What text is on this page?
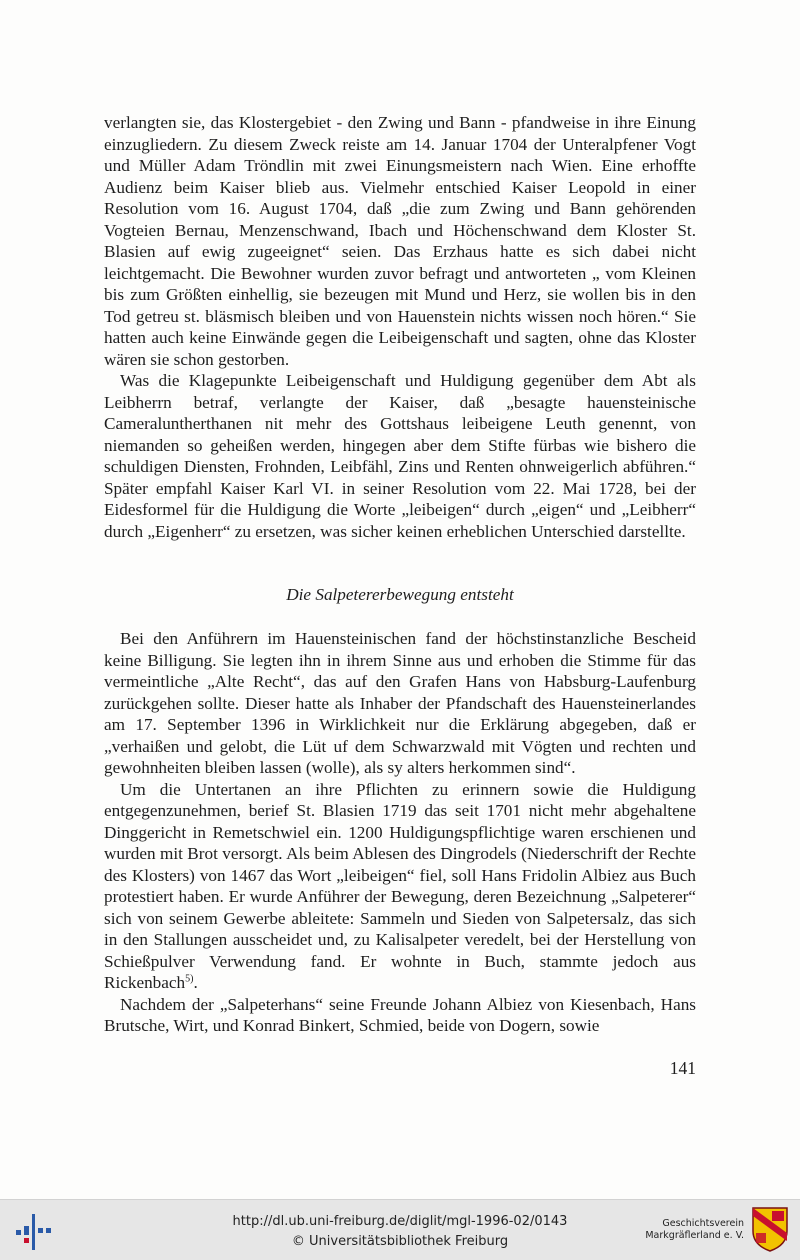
verlangten sie, das Klostergebiet - den Zwing und Bann - pfandweise in ihre Einung einzugliedern. Zu diesem Zweck reiste am 14. Januar 1704 der Unteralpfener Vogt und Müller Adam Tröndlin mit zwei Einungsmeistern nach Wien. Eine erhoffte Audienz beim Kaiser blieb aus. Vielmehr entschied Kaiser Leopold in einer Resolution vom 16. August 1704, daß „die zum Zwing und Bann gehörenden Vogteien Bernau, Menzenschwand, Ibach und Höchenschwand dem Kloster St. Blasien auf ewig zugeeignet“ seien. Das Erzhaus hatte es sich dabei nicht leichtgemacht. Die Bewohner wurden zuvor befragt und antworteten „ vom Kleinen bis zum Größten einhellig, sie bezeugen mit Mund und Herz, sie wollen bis in den Tod getreu st. bläsmisch bleiben und von Hauenstein nichts wissen noch hören.“ Sie hatten auch keine Einwände gegen die Leibeigenschaft und sagten, ohne das Kloster wären sie schon gestorben.

Was die Klagepunkte Leibeigenschaft und Huldigung gegenüber dem Abt als Leibherrn betraf, verlangte der Kaiser, daß „besagte hauensteinische Cameraluntherthanen nit mehr des Gottshaus leibeigene Leuth genennt, von niemanden so geheißen werden, hingegen aber dem Stifte fürbas wie bishero die schuldigen Diensten, Frohnden, Leibfähl, Zins und Renten ohnweigerlich abführen.“ Später empfahl Kaiser Karl VI. in seiner Resolution vom 22. Mai 1728, bei der Eidesformel für die Huldigung die Worte „leibeigen“ durch „eigen“ und „Leibherr“ durch „Eigenherr“ zu ersetzen, was sicher keinen erheblichen Unterschied darstellte.

Die Salpetererbewegung entsteht

Bei den Anführern im Hauensteinischen fand der höchstinstanzliche Bescheid keine Billigung. Sie legten ihn in ihrem Sinne aus und erhoben die Stimme für das vermeintliche „Alte Recht“, das auf den Grafen Hans von Habsburg-Laufenburg zurückgehen sollte. Dieser hatte als Inhaber der Pfandschaft des Hauensteinerlandes am 17. September 1396 in Wirklichkeit nur die Erklärung abgegeben, daß er „verhaißen und gelobt, die Lüt uf dem Schwarzwald mit Vögten und rechten und gewohnheiten bleiben lassen (wolle), als sy alters herkommen sind“.

Um die Untertanen an ihre Pflichten zu erinnern sowie die Huldigung entgegenzunehmen, berief St. Blasien 1719 das seit 1701 nicht mehr abgehaltene Dinggericht in Remetschwiel ein. 1200 Huldigungspflichtige waren erschienen und wurden mit Brot versorgt. Als beim Ablesen des Dingrodels (Niederschrift der Rechte des Klosters) von 1467 das Wort „leibeigen“ fiel, soll Hans Fridolin Albiez aus Buch protestiert haben. Er wurde Anführer der Bewegung, deren Bezeichnung „Salpeterer“ sich von seinem Gewerbe ableitete: Sammeln und Sieden von Salpetersalz, das sich in den Stallungen ausscheidet und, zu Kalisalpeter veredelt, bei der Herstellung von Schießpulver Verwendung fand. Er wohnte in Buch, stammte jedoch aus Rickenbach$^{5)}$.

Nachdem der „Salpeterhans“ seine Freunde Johann Albiez von Kiesenbach, Hans Brutsche, Wirt, und Konrad Binkert, Schmied, beide von Dogern, sowie

141
http://dl.ub.uni-freiburg.de/diglit/mgl-1996-02/0143
© Universitätsbibliothek Freiburg
Geschichtsverein
Markgräflerland e. V.
